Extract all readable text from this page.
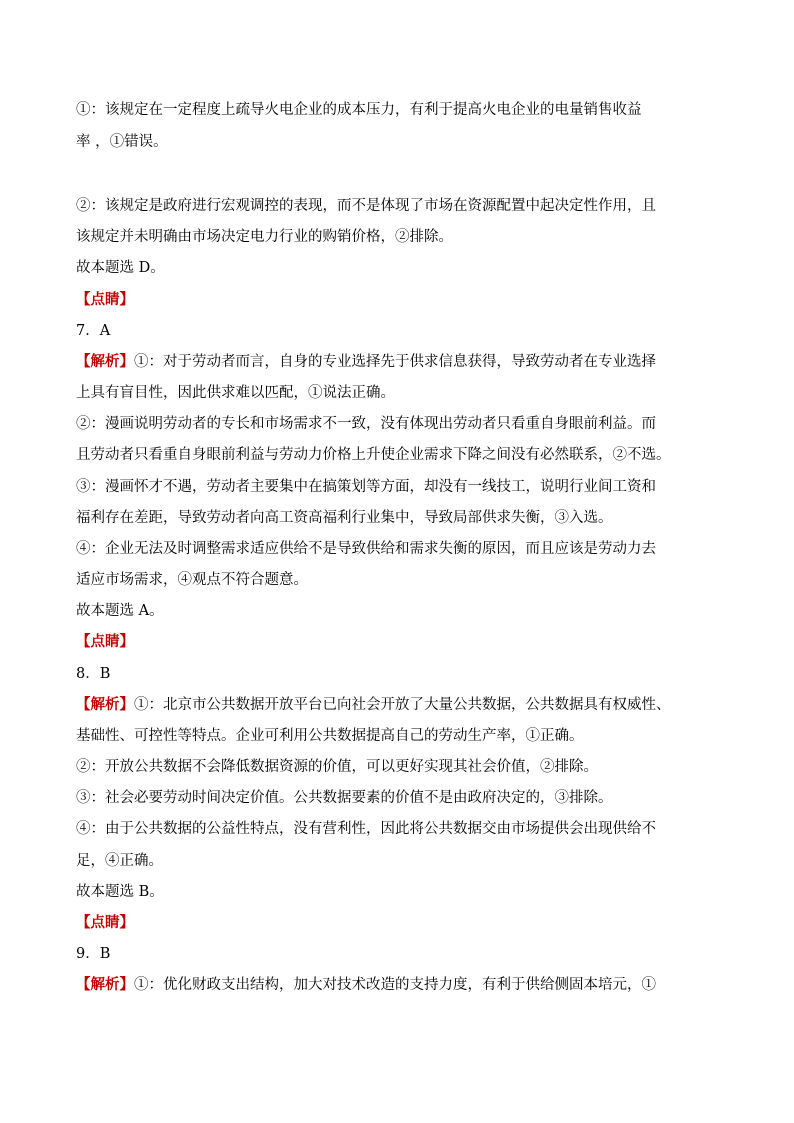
①：该规定在一定程度上疏导火电企业的成本压力，有利于提高火电企业的电量销售收益
率 ，①错误。
②：该规定是政府进行宏观调控的表现，而不是体现了市场在资源配置中起决定性作用，且
该规定并未明确由市场决定电力行业的购销价格，②排除。
故本题选 D。
【点睛】
7．A
【解析】①：对于劳动者而言，自身的专业选择先于供求信息获得，导致劳动者在专业选择
上具有盲目性，因此供求难以匹配，①说法正确。
②：漫画说明劳动者的专长和市场需求不一致，没有体现出劳动者只看重自身眼前利益。而
且劳动者只看重自身眼前利益与劳动力价格上升使企业需求下降之间没有必然联系，②不选。
③：漫画怀才不遇，劳动者主要集中在搞策划等方面，却没有一线技工，说明行业间工资和
福利存在差距，导致劳动者向高工资高福利行业集中，导致局部供求失衡，③入选。
④：企业无法及时调整需求适应供给不是导致供给和需求失衡的原因，而且应该是劳动力去
适应市场需求，④观点不符合题意。
故本题选 A。
【点睛】
8．B
【解析】①：北京市公共数据开放平台已向社会开放了大量公共数据，公共数据具有权威性、
基础性、可控性等特点。企业可利用公共数据提高自己的劳动生产率，①正确。
②：开放公共数据不会降低数据资源的价值，可以更好实现其社会价值，②排除。
③：社会必要劳动时间决定价值。公共数据要素的价值不是由政府决定的，③排除。
④：由于公共数据的公益性特点，没有营利性，因此将公共数据交由市场提供会出现供给不
足，④正确。
故本题选 B。
【点睛】
9．B
【解析】①：优化财政支出结构，加大对技术改造的支持力度，有利于供给侧固本培元，①
